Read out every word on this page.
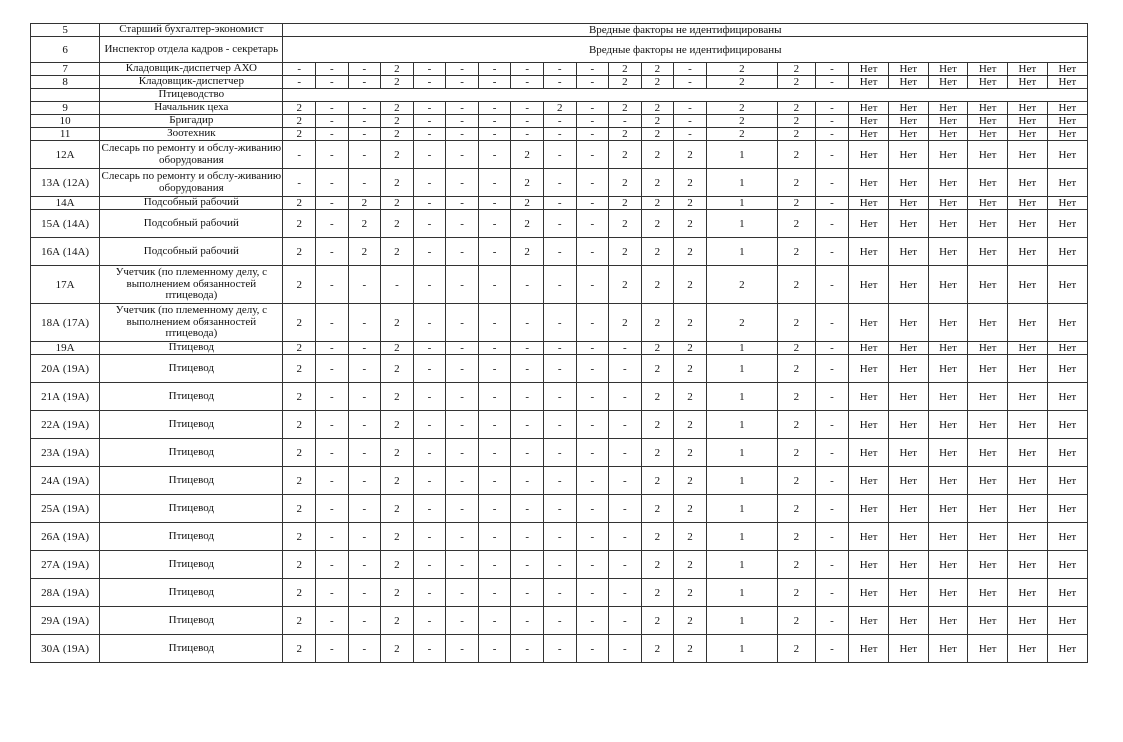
5	Старший бухгалтер-экономист	Вредные факторы не идентифицированы																					
6	Инспектор отдела кадров - секретарь	Вредные факторы не идентифицированы																					
7	Кладовщик-диспетчер АХО	-	-	-	2	-	-	-	-	-	-	2	2	-	2	2	-	Нет	Нет	Нет	Нет	Нет	Нет
8	Кладовщик-диспетчер	-	-	-	2	-	-	-	-	-	-	2	2	-	2	2	-	Нет	Нет	Нет	Нет	Нет	Нет
	Птицеводство																						
9	Начальник цеха	2	-	-	2	-	-	-	-	2	-	2	2	-	2	2	-	Нет	Нет	Нет	Нет	Нет	Нет
10	Бригадир	2	-	-	2	-	-	-	-	-	-	-	2	-	2	2	-	Нет	Нет	Нет	Нет	Нет	Нет
11	Зоотехник	2	-	-	2	-	-	-	-	-	-	2	2	-	2	2	-	Нет	Нет	Нет	Нет	Нет	Нет
12А	Слесарь по ремонту и обслу-живанию оборудования	-	-	-	2	-	-	-	2	-	-	2	2	2	1	2	-	Нет	Нет	Нет	Нет	Нет	Нет
13А (12А)	Слесарь по ремонту и обслу-живанию оборудования	-	-	-	2	-	-	-	2	-	-	2	2	2	1	2	-	Нет	Нет	Нет	Нет	Нет	Нет
14А	Подсобный рабочий	2	-	2	2	-	-	-	2	-	-	2	2	2	1	2	-	Нет	Нет	Нет	Нет	Нет	Нет
15А (14А)	Подсобный рабочий	2	-	2	2	-	-	-	2	-	-	2	2	2	1	2	-	Нет	Нет	Нет	Нет	Нет	Нет
16А (14А)	Подсобный рабочий	2	-	2	2	-	-	-	2	-	-	2	2	2	1	2	-	Нет	Нет	Нет	Нет	Нет	Нет
17А	Учетчик (по племенному делу, с выполнением обязанностей птицевода)	2	-	-	-	-	-	-	-	-	-	2	2	2	2	2	-	Нет	Нет	Нет	Нет	Нет	Нет
18А (17А)	Учетчик (по племенному делу, с выполнением обязанностей птицевода)	2	-	-	2	-	-	-	-	-	-	2	2	2	2	2	-	Нет	Нет	Нет	Нет	Нет	Нет
19А	Птицевод	2	-	-	2	-	-	-	-	-	-	-	2	2	1	2	-	Нет	Нет	Нет	Нет	Нет	Нет
20А (19А)	Птицевод	2	-	-	2	-	-	-	-	-	-	-	2	2	1	2	-	Нет	Нет	Нет	Нет	Нет	Нет
21А (19А)	Птицевод	2	-	-	2	-	-	-	-	-	-	-	2	2	1	2	-	Нет	Нет	Нет	Нет	Нет	Нет
22А (19А)	Птицевод	2	-	-	2	-	-	-	-	-	-	-	2	2	1	2	-	Нет	Нет	Нет	Нет	Нет	Нет
23А (19А)	Птицевод	2	-	-	2	-	-	-	-	-	-	-	2	2	1	2	-	Нет	Нет	Нет	Нет	Нет	Нет
24А (19А)	Птицевод	2	-	-	2	-	-	-	-	-	-	-	2	2	1	2	-	Нет	Нет	Нет	Нет	Нет	Нет
25А (19А)	Птицевод	2	-	-	2	-	-	-	-	-	-	-	2	2	1	2	-	Нет	Нет	Нет	Нет	Нет	Нет
26А (19А)	Птицевод	2	-	-	2	-	-	-	-	-	-	-	2	2	1	2	-	Нет	Нет	Нет	Нет	Нет	Нет
27А (19А)	Птицевод	2	-	-	2	-	-	-	-	-	-	-	2	2	1	2	-	Нет	Нет	Нет	Нет	Нет	Нет
28А (19А)	Птицевод	2	-	-	2	-	-	-	-	-	-	-	2	2	1	2	-	Нет	Нет	Нет	Нет	Нет	Нет
29А (19А)	Птицевод	2	-	-	2	-	-	-	-	-	-	-	2	2	1	2	-	Нет	Нет	Нет	Нет	Нет	Нет
30А (19А)	Птицевод	2	-	-	2	-	-	-	-	-	-	-	2	2	1	2	-	Нет	Нет	Нет	Нет	Нет	Нет
